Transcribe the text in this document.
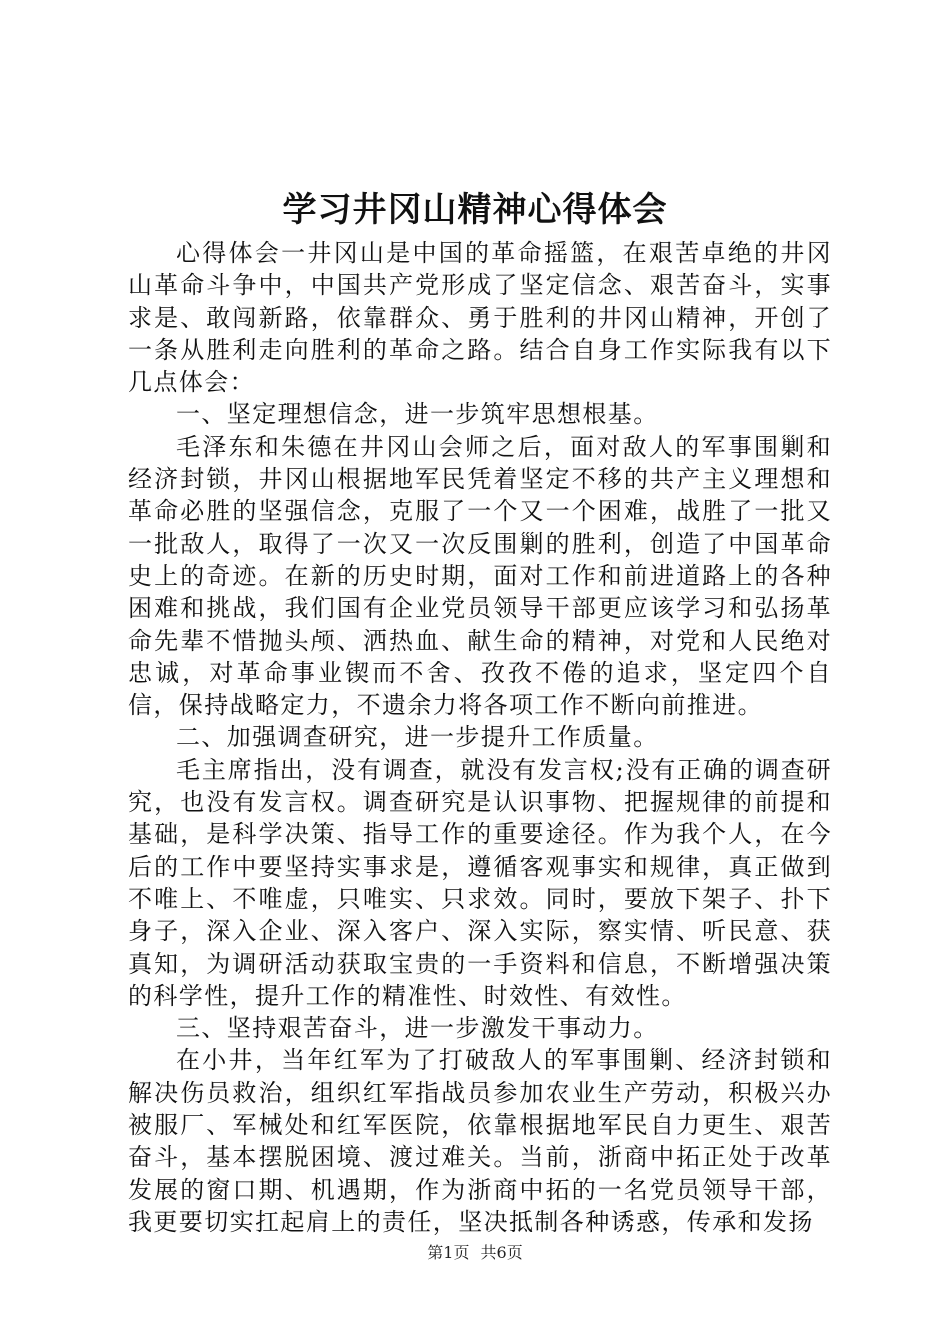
学习井冈山精神心得体会

心得体会一井冈山是中国的革命摇篮，在艰苦卓绝的井冈山革命斗争中，中国共产党形成了坚定信念、艰苦奋斗，实事求是、敢闯新路，依靠群众、勇于胜利的井冈山精神，开创了一条从胜利走向胜利的革命之路。结合自身工作实际我有以下几点体会：

一、坚定理想信念，进一步筑牢思想根基。

毛泽东和朱德在井冈山会师之后，面对敌人的军事围剿和经济封锁，井冈山根据地军民凭着坚定不移的共产主义理想和革命必胜的坚强信念，克服了一个又一个困难，战胜了一批又一批敌人，取得了一次又一次反围剿的胜利，创造了中国革命史上的奇迹。在新的历史时期，面对工作和前进道路上的各种困难和挑战，我们国有企业党员领导干部更应该学习和弘扬革命先辈不惜抛头颅、洒热血、献生命的精神，对党和人民绝对忠诚，对革命事业锲而不舍、孜孜不倦的追求，坚定四个自信，保持战略定力，不遗余力将各项工作不断向前推进。

二、加强调查研究，进一步提升工作质量。

毛主席指出，没有调查，就没有发言权;没有正确的调查研究，也没有发言权。调查研究是认识事物、把握规律的前提和基础，是科学决策、指导工作的重要途径。作为我个人，在今后的工作中要坚持实事求是，遵循客观事实和规律，真正做到不唯上、不唯虚，只唯实、只求效。同时，要放下架子、扑下身子，深入企业、深入客户、深入实际，察实情、听民意、获真知，为调研活动获取宝贵的一手资料和信息，不断增强决策的科学性，提升工作的精准性、时效性、有效性。

三、坚持艰苦奋斗，进一步激发干事动力。

在小井，当年红军为了打破敌人的军事围剿、经济封锁和解决伤员救治，组织红军指战员参加农业生产劳动，积极兴办被服厂、军械处和红军医院，依靠根据地军民自力更生、艰苦奋斗，基本摆脱困境、渡过难关。当前，浙商中拓正处于改革发展的窗口期、机遇期，作为浙商中拓的一名党员领导干部，我更要切实扛起肩上的责任，坚决抵制各种诱惑，传承和发扬

第1页 共6页
